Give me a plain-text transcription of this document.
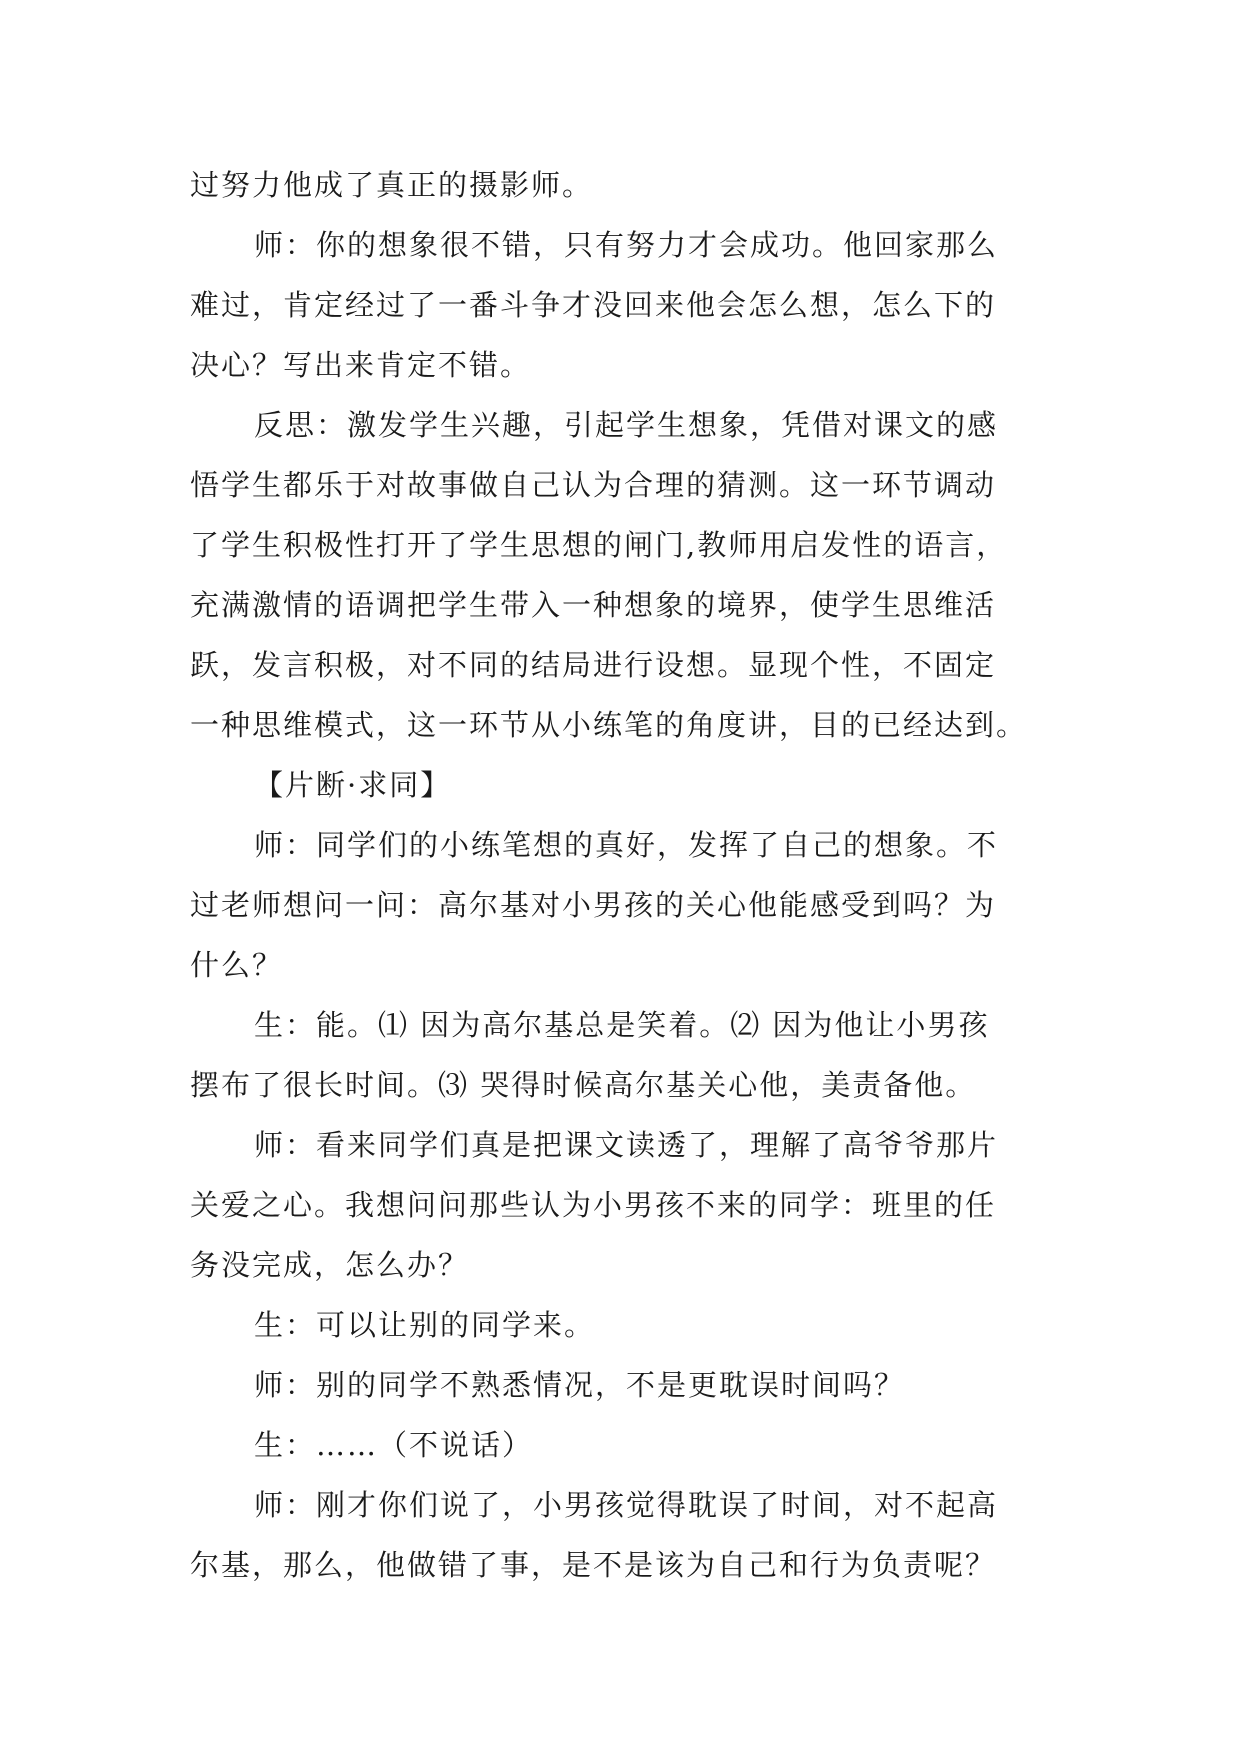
过努力他成了真正的摄影师。
师：你的想象很不错，只有努力才会成功。他回家那么
难过，肯定经过了一番斗争才没回来他会怎么想，怎么下的
决心？写出来肯定不错。
反思：激发学生兴趣，引起学生想象，凭借对课文的感
悟学生都乐于对故事做自己认为合理的猜测。这一环节调动
了学生积极性打开了学生思想的闸门,教师用启发性的语言，
充满激情的语调把学生带入一种想象的境界，使学生思维活
跃，发言积极，对不同的结局进行设想。显现个性，不固定
一种思维模式，这一环节从小练笔的角度讲，目的已经达到。
【片断·求同】
师：同学们的小练笔想的真好，发挥了自己的想象。不
过老师想问一问：高尔基对小男孩的关心他能感受到吗？为
什么？
生：能。⑴ 因为高尔基总是笑着。⑵ 因为他让小男孩
摆布了很长时间。⑶ 哭得时候高尔基关心他，美责备他。
师：看来同学们真是把课文读透了，理解了高爷爷那片
关爱之心。我想问问那些认为小男孩不来的同学：班里的任
务没完成，怎么办？
生：可以让别的同学来。
师：别的同学不熟悉情况，不是更耽误时间吗？
生：……（不说话）
师：刚才你们说了，小男孩觉得耽误了时间，对不起高
尔基，那么，他做错了事，是不是该为自己和行为负责呢？
